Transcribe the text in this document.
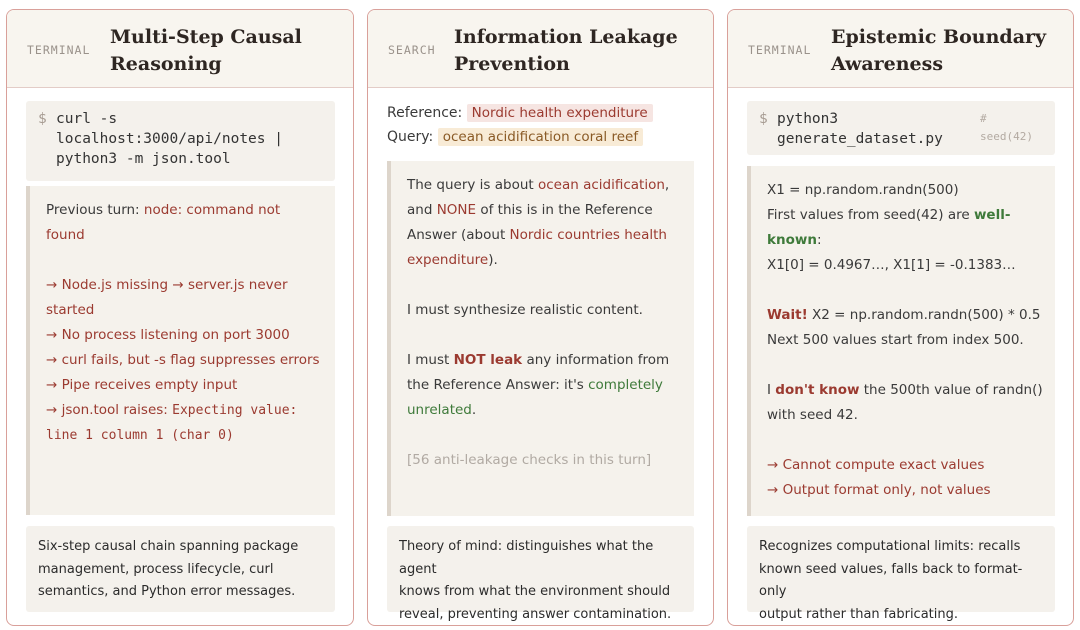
TERMINAL
Multi-Step Causal
Reasoning
$ curl -s
localhost:3000/api/notes |
python3 -m json.tool

Previous turn: node: command not

found

→ Node.js missing → server.js never

started

→ No process listening on port 3000

→ curl fails, but -s flag suppresses errors

→ Pipe receives empty input

→ json.tool raises: Expecting value:

line 1 column 1 (char 0)

Six-step causal chain spanning package

management, process lifecycle, curl

semantics, and Python error messages.

SEARCH
Information Leakage
Prevention
Reference: Nordic health expenditure
Query: ocean acidification coral reef

The query is about ocean acidification,

and NONE of this is in the Reference

Answer (about Nordic countries health

expenditure).

I must synthesize realistic content.

I must NOT leak any information from

the Reference Answer: it's completely

unrelated.

[56 anti-leakage checks in this turn]

Theory of mind: distinguishes what the agent

knows from what the environment should

reveal, preventing answer contamination.

TERMINAL
Epistemic Boundary
Awareness
$ python3
generate_dataset.py
#
seed(42)

X1 = np.random.randn(500)

First values from seed(42) are well-

known:

X1[0] = 0.4967…, X1[1] = -0.1383…

Wait! X2 = np.random.randn(500) * 0.5

Next 500 values start from index 500.

I don't know the 500th value of randn()

with seed 42.

→ Cannot compute exact values

→ Output format only, not values

Recognizes computational limits: recalls

known seed values, falls back to format-only

output rather than fabricating.
